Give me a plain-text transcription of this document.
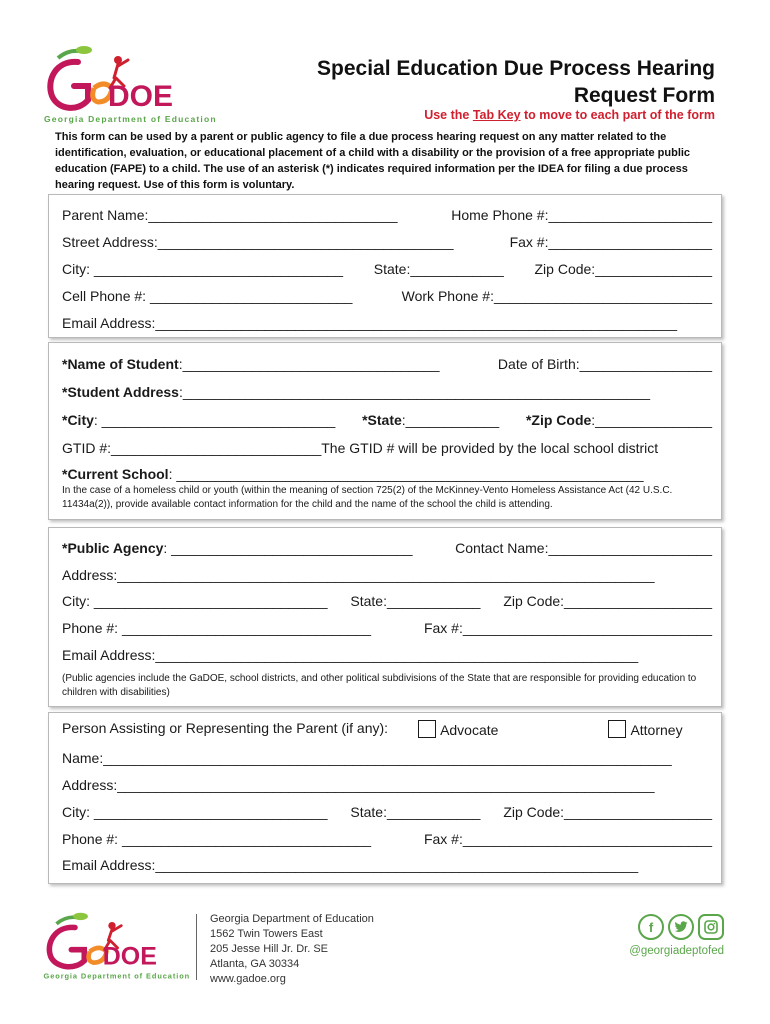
DOE
Georgia Department of Education
Special Education Due Process Hearing
Request Form
Use the Tab Key to move to each part of the form
This form can be used by a parent or public agency to file a due process hearing request on any matter related to the identification, evaluation, or educational placement of a child with a disability or the provision of a free appropriate public education (FAPE) to a child. The use of an asterisk (*) indicates required information per the IDEA for filing a due process hearing request. Use of this form is voluntary.
Parent Name:________________________________	Home Phone #:_____________________
Street Address:______________________________________	Fax #:_____________________
City: ________________________________ State:____________ Zip Code:_______________
Cell Phone #: __________________________	Work Phone #:____________________________
Email Address:___________________________________________________________________
*Name of Student:_________________________________	Date of Birth:_________________
*Student Address:____________________________________________________________
*City: ______________________________ *State:____________ *Zip Code:_______________
GTID #:___________________________The GTID # will be provided by the local school district
*Current School: ____________________________________________________________
In the case of a homeless child or youth (within the meaning of section 725(2) of the McKinney-Vento Homeless Assistance Act (42 U.S.C. 11434a(2)), provide available contact information for the child and the name of the school the child is attending.
*Public Agency: _______________________________	Contact Name:_____________________
Address:_____________________________________________________________________
City: ______________________________ State:____________ Zip Code:___________________
Phone #: ________________________________	Fax #:________________________________
Email Address:______________________________________________________________
(Public agencies include the GaDOE, school districts, and other political subdivisions of the State that are responsible for providing education to children with disabilities)
Person Assisting or Representing the Parent (if any):	Advocate	Attorney
Name:_________________________________________________________________________
Address:_____________________________________________________________________
City: ______________________________ State:____________ Zip Code:___________________
Phone #: ________________________________	Fax #:________________________________
Email Address:______________________________________________________________
DOE
Georgia Department of Education
Georgia Department of Education
1562 Twin Towers East
205 Jesse Hill Jr. Dr. SE
Atlanta, GA 30334
www.gadoe.org
f
@georgiadeptofed
